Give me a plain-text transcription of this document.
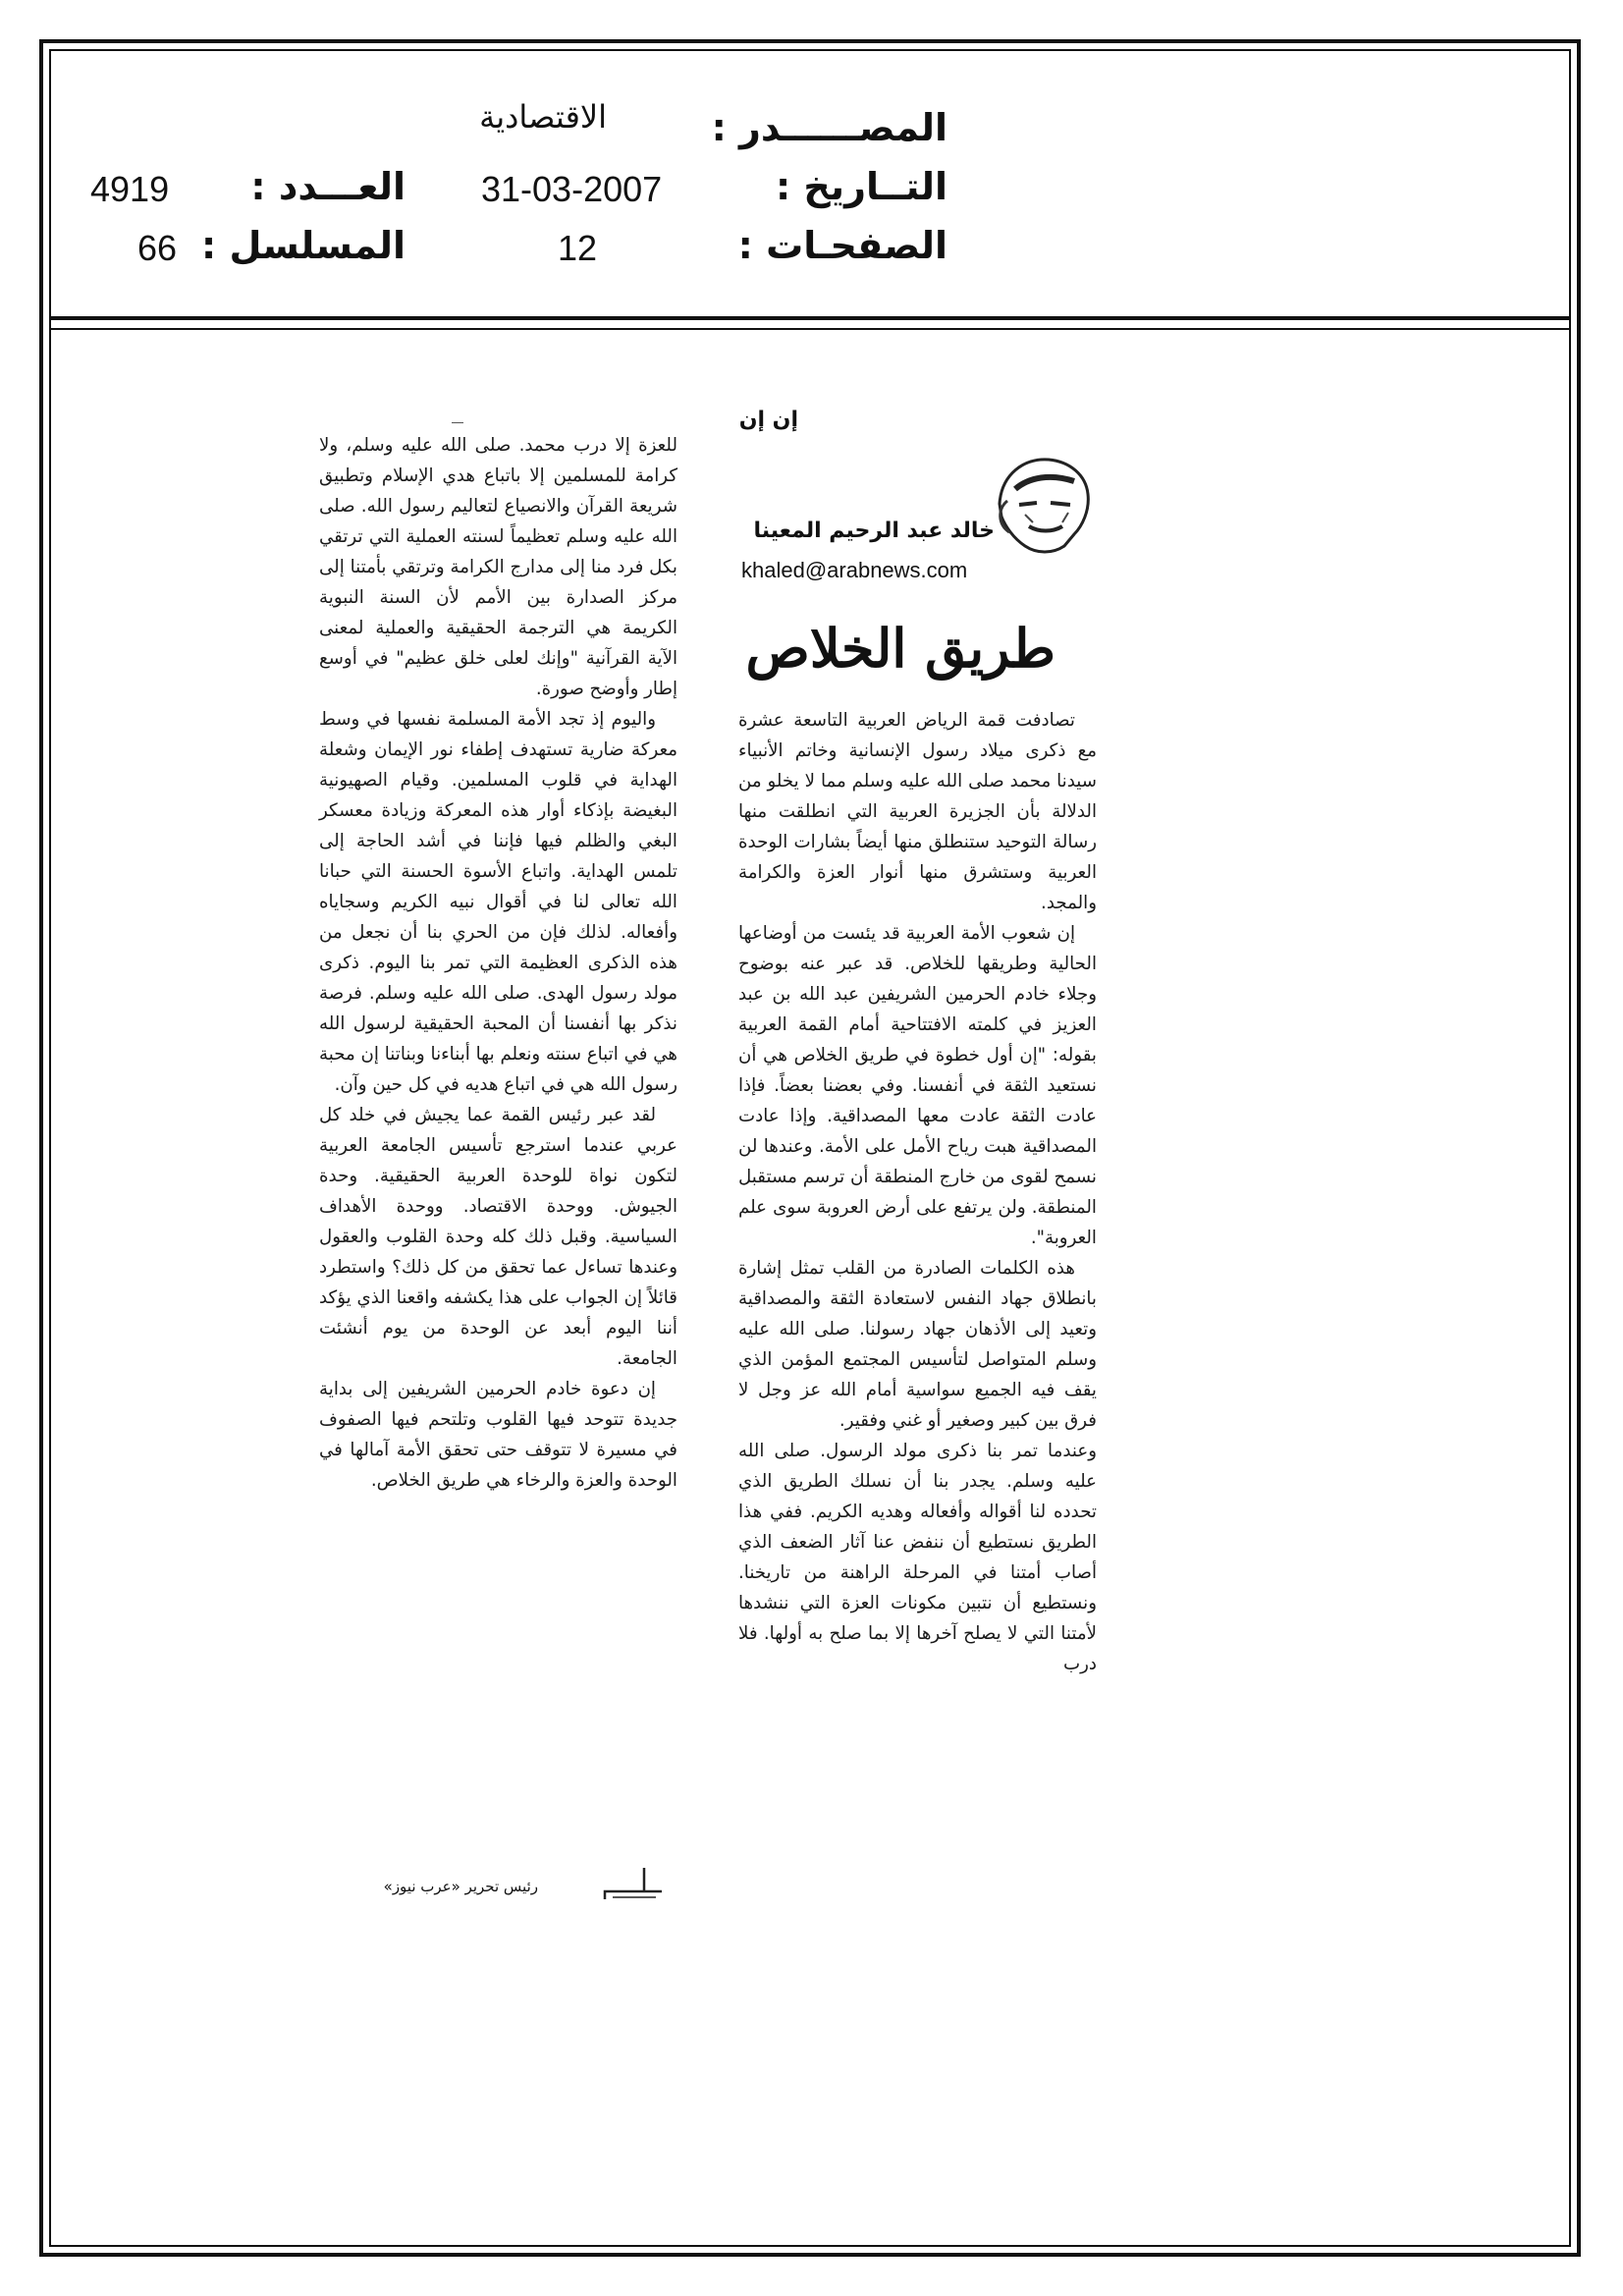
الاقتصادية	المصــــــدر :
31-03-2007	التــاريخ :
12	الصفحـات :
4919 العـــدد :
66 المسلسل :
إن إن
خالد عبد الرحيم المعينا
khaled@arabnews.com
طريق الخلاص

تصادفت قمة الرياض العربية التاسعة عشرة مع ذكرى ميلاد رسول الإنسانية وخاتم الأنبياء سيدنا محمد صلى الله عليه وسلم مما لا يخلو من الدلالة بأن الجزيرة العربية التي انطلقت منها رسالة التوحيد ستنطلق منها أيضاً بشارات الوحدة العربية وستشرق منها أنوار العزة والكرامة والمجد.

إن شعوب الأمة العربية قد يئست من أوضاعها الحالية وطريقها للخلاص. قد عبر عنه بوضوح وجلاء خادم الحرمين الشريفين عبد الله بن عبد العزيز في كلمته الافتتاحية أمام القمة العربية بقوله: "إن أول خطوة في طريق الخلاص هي أن نستعيد الثقة في أنفسنا. وفي بعضنا بعضاً. فإذا عادت الثقة عادت معها المصداقية. وإذا عادت المصداقية هبت رياح الأمل على الأمة. وعندها لن نسمح لقوى من خارج المنطقة أن ترسم مستقبل المنطقة. ولن يرتفع على أرض العروبة سوى علم العروبة".

هذه الكلمات الصادرة من القلب تمثل إشارة بانطلاق جهاد النفس لاستعادة الثقة والمصداقية وتعيد إلى الأذهان جهاد رسولنا. صلى الله عليه وسلم المتواصل لتأسيس المجتمع المؤمن الذي يقف فيه الجميع سواسية أمام الله عز وجل لا فرق بين كبير وصغير أو غني وفقير.

وعندما تمر بنا ذكرى مولد الرسول. صلى الله عليه وسلم. يجدر بنا أن نسلك الطريق الذي تحدده لنا أقواله وأفعاله وهديه الكريم. ففي هذا الطريق نستطيع أن ننفض عنا آثار الضعف الذي أصاب أمتنا في المرحلة الراهنة من تاريخنا. ونستطيع أن نتبين مكونات العزة التي ننشدها لأمتنا التي لا يصلح آخرها إلا بما صلح به أولها. فلا درب

للعزة إلا درب محمد. صلى الله عليه وسلم، ولا كرامة للمسلمين إلا باتباع هدي الإسلام وتطبيق شريعة القرآن والانصياع لتعاليم رسول الله. صلى الله عليه وسلم تعظيماً لسنته العملية التي ترتقي بكل فرد منا إلى مدارج الكرامة وترتقي بأمتنا إلى مركز الصدارة بين الأمم لأن السنة النبوية الكريمة هي الترجمة الحقيقية والعملية لمعنى الآية القرآنية "وإنك لعلى خلق عظيم" في أوسع إطار وأوضح صورة.

واليوم إذ تجد الأمة المسلمة نفسها في وسط معركة ضارية تستهدف إطفاء نور الإيمان وشعلة الهداية في قلوب المسلمين. وقيام الصهيونية البغيضة بإذكاء أوار هذه المعركة وزيادة معسكر البغي والظلم فيها فإننا في أشد الحاجة إلى تلمس الهداية. واتباع الأسوة الحسنة التي حبانا الله تعالى لنا في أقوال نبيه الكريم وسجاياه وأفعاله. لذلك فإن من الحري بنا أن نجعل من هذه الذكرى العظيمة التي تمر بنا اليوم. ذكرى مولد رسول الهدى. صلى الله عليه وسلم. فرصة نذكر بها أنفسنا أن المحبة الحقيقية لرسول الله هي في اتباع سنته ونعلم بها أبناءنا وبناتنا إن محبة رسول الله هي في اتباع هديه في كل حين وآن.

لقد عبر رئيس القمة عما يجيش في خلد كل عربي عندما استرجع تأسيس الجامعة العربية لتكون نواة للوحدة العربية الحقيقية. وحدة الجيوش. ووحدة الاقتصاد. ووحدة الأهداف السياسية. وقبل ذلك كله وحدة القلوب والعقول وعندها تساءل عما تحقق من كل ذلك؟ واستطرد قائلاً إن الجواب على هذا يكشفه واقعنا الذي يؤكد أننا اليوم أبعد عن الوحدة من يوم أنشئت الجامعة.

إن دعوة خادم الحرمين الشريفين إلى بداية جديدة تتوحد فيها القلوب وتلتحم فيها الصفوف في مسيرة لا تتوقف حتى تحقق الأمة آمالها في الوحدة والعزة والرخاء هي طريق الخلاص.

رئيس تحرير «عرب نيوز»
